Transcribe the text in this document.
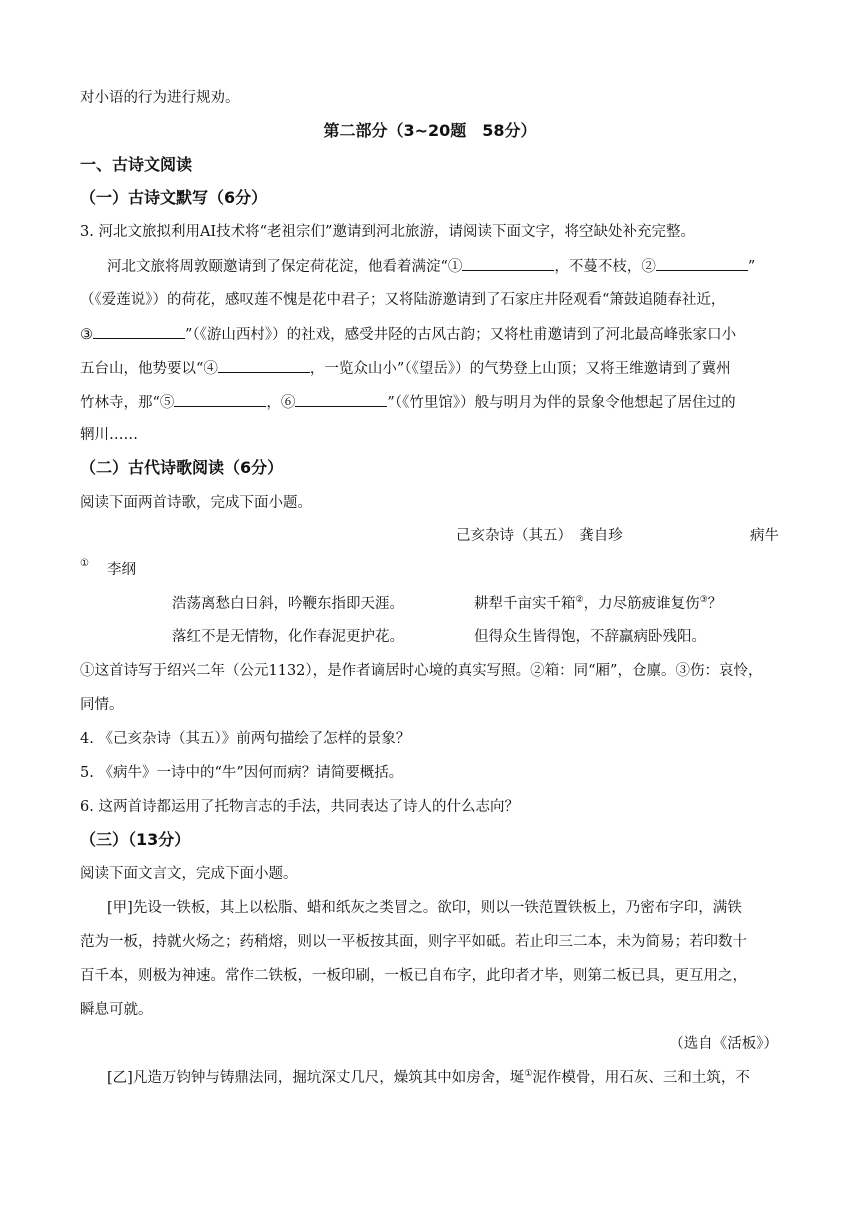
对小语的行为进行规劝。
第二部分（3~20题　58分）
一、古诗文阅读
（一）古诗文默写（6分）
3. 河北文旅拟利用AI技术将“老祖宗们”邀请到河北旅游，请阅读下面文字，将空缺处补充完整。
河北文旅将周敦颐邀请到了保定荷花淀，他看着满淀“①	，不蔓不枝，②	”
（《爱莲说》）的荷花，感叹莲不愧是花中君子；又将陆游邀请到了石家庄井陉观看“箫鼓追随春社近，
③	”（《游山西村》）的社戏，感受井陉的古风古韵；又将杜甫邀请到了河北最高峰张家口小
五台山，他势要以“④	，一览众山小”（《望岳》）的气势登上山顶；又将王维邀请到了冀州
竹林寺，那“⑤	，⑥	”（《竹里馆》）般与明月为伴的景象令他想起了居住过的
辋川……
（二）古代诗歌阅读（6分）
阅读下面两首诗歌，完成下面小题。
己亥杂诗（其五）　龚自珍	病牛
① 李纲
浩荡离愁白日斜，吟鞭东指即天涯。	耕犁千亩实千箱②，力尽筋疲谁复伤③？
落红不是无情物，化作春泥更护花。	但得众生皆得饱，不辞羸病卧残阳。
①这首诗写于绍兴二年（公元1132），是作者谪居时心境的真实写照。②箱：同“厢”，仓廪。③伤：哀怜，
同情。
4. 《己亥杂诗（其五）》前两句描绘了怎样的景象？
5. 《病牛》一诗中的“牛”因何而病？请简要概括。
6. 这两首诗都运用了托物言志的手法，共同表达了诗人的什么志向？
（三）（13分）
阅读下面文言文，完成下面小题。
[甲]先设一铁板，其上以松脂、蜡和纸灰之类冒之。欲印，则以一铁范置铁板上，乃密布字印，满铁
范为一板，持就火炀之；药稍熔，则以一平板按其面，则字平如砥。若止印三二本，未为简易；若印数十
百千本，则极为神速。常作二铁板，一板印刷，一板已自布字，此印者才毕，则第二板已具，更互用之，
瞬息可就。
（选自《活板》）
[乙]凡造万钧钟与铸鼎法同，掘坑深丈几尺，燥筑其中如房舍，埏①泥作模骨，用石灰、三和土筑，不
